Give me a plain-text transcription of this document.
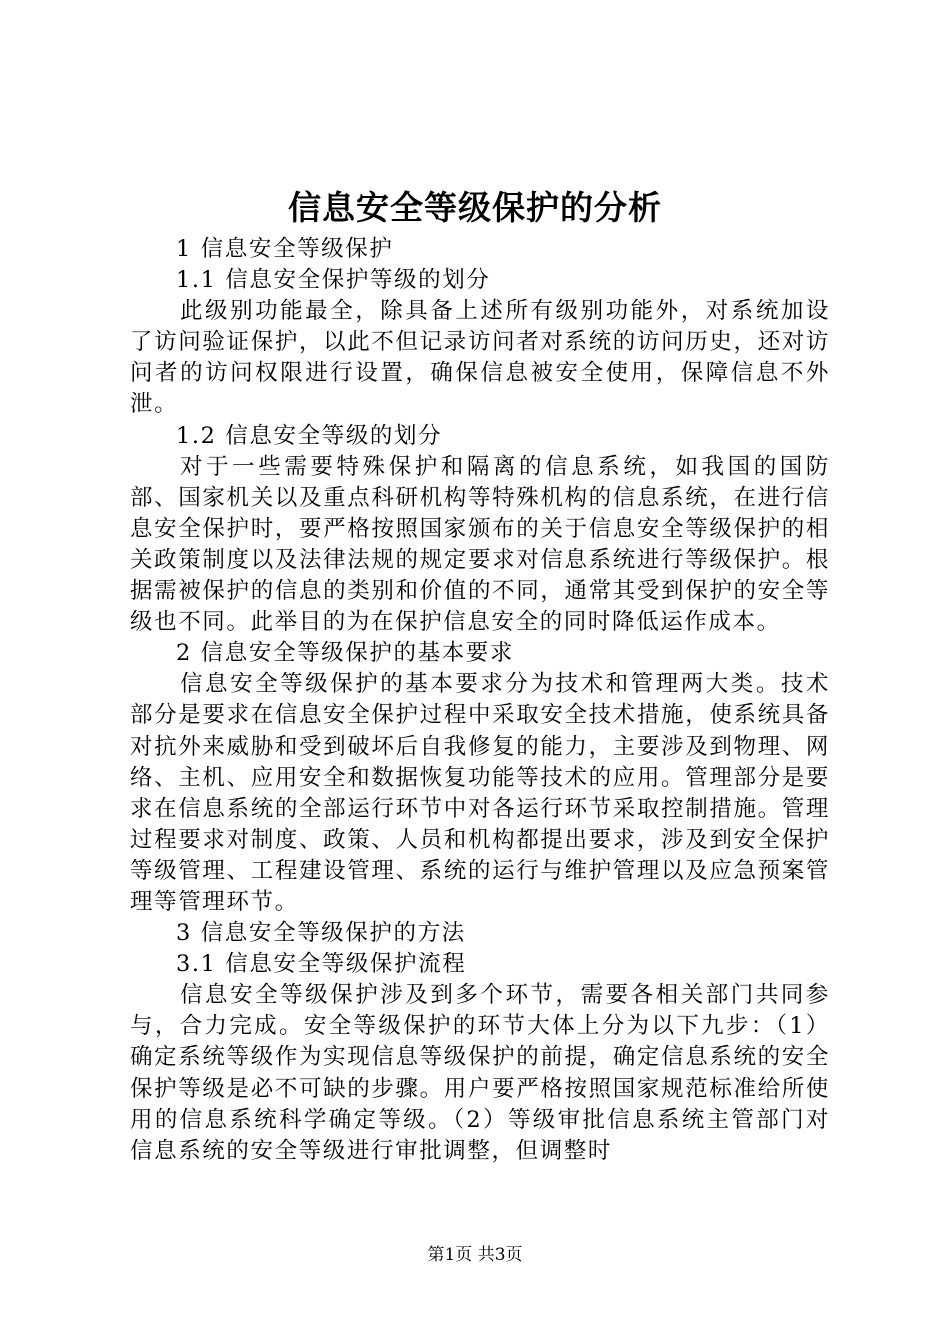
信息安全等级保护的分析

1 信息安全等级保护

1.1 信息安全保护等级的划分

此级别功能最全，除具备上述所有级别功能外，对系统加设了访问验证保护，以此不但记录访问者对系统的访问历史，还对访问者的访问权限进行设置，确保信息被安全使用，保障信息不外泄。

1.2 信息安全等级的划分

对于一些需要特殊保护和隔离的信息系统，如我国的国防部、国家机关以及重点科研机构等特殊机构的信息系统，在进行信息安全保护时，要严格按照国家颁布的关于信息安全等级保护的相关政策制度以及法律法规的规定要求对信息系统进行等级保护。根据需被保护的信息的类别和价值的不同，通常其受到保护的安全等级也不同。此举目的为在保护信息安全的同时降低运作成本。

2 信息安全等级保护的基本要求

信息安全等级保护的基本要求分为技术和管理两大类。技术部分是要求在信息安全保护过程中采取安全技术措施，使系统具备对抗外来威胁和受到破坏后自我修复的能力，主要涉及到物理、网络、主机、应用安全和数据恢复功能等技术的应用。管理部分是要求在信息系统的全部运行环节中对各运行环节采取控制措施。管理过程要求对制度、政策、人员和机构都提出要求，涉及到安全保护等级管理、工程建设管理、系统的运行与维护管理以及应急预案管理等管理环节。

3 信息安全等级保护的方法

3.1 信息安全等级保护流程

信息安全等级保护涉及到多个环节，需要各相关部门共同参与，合力完成。安全等级保护的环节大体上分为以下九步：（1）确定系统等级作为实现信息等级保护的前提，确定信息系统的安全保护等级是必不可缺的步骤。用户要严格按照国家规范标准给所使用的信息系统科学确定等级。（2）等级审批信息系统主管部门对信息系统的安全等级进行审批调整，但调整时

第1页 共3页
